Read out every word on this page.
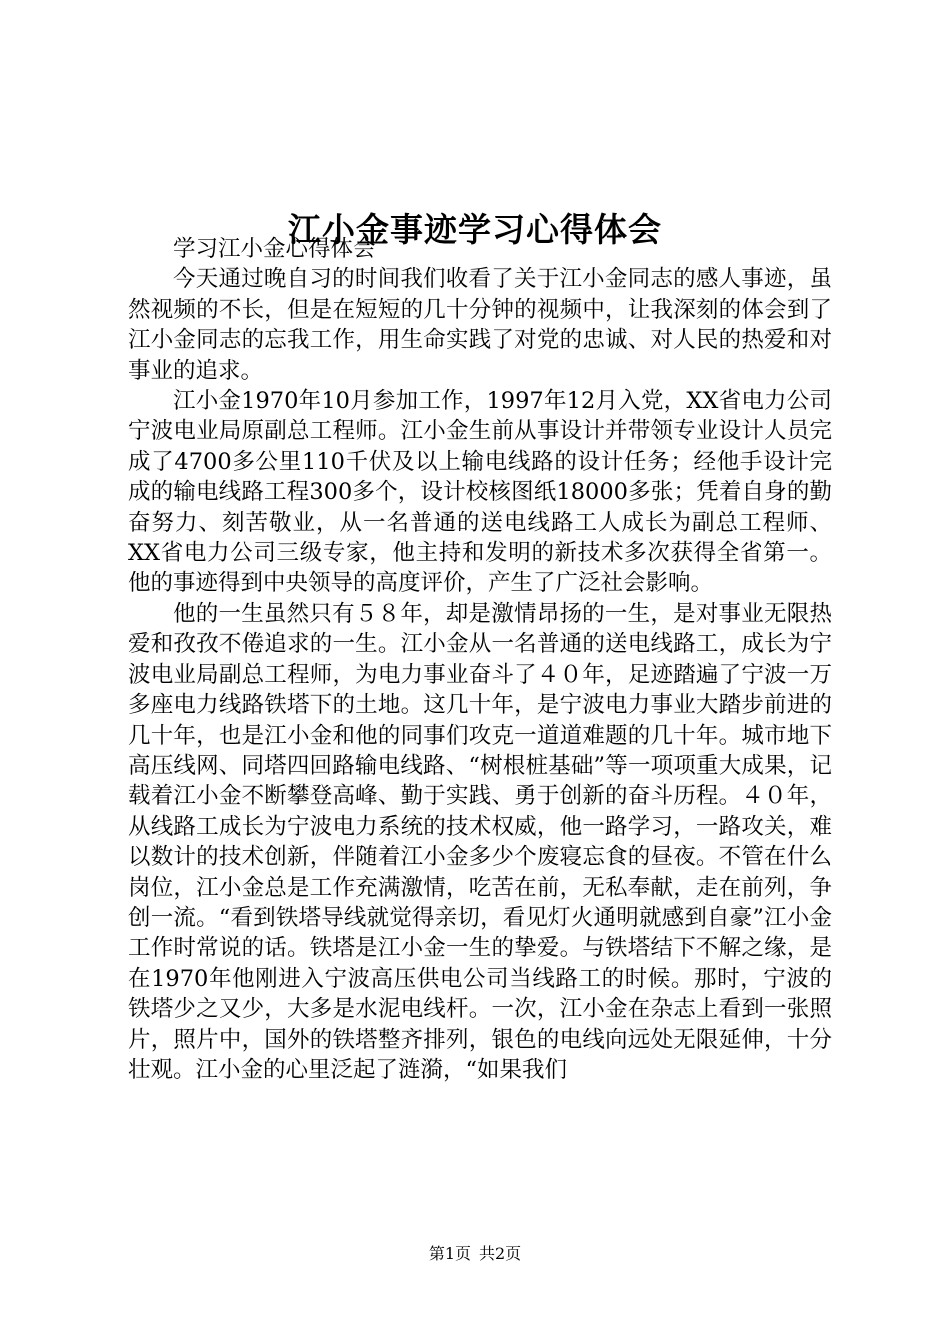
江小金事迹学习心得体会

学习江小金心得体会

今天通过晚自习的时间我们收看了关于江小金同志的感人事迹，虽然视频的不长，但是在短短的几十分钟的视频中，让我深刻的体会到了江小金同志的忘我工作，用生命实践了对党的忠诚、对人民的热爱和对事业的追求。

江小金1970年10月参加工作，1997年12月入党，XX省电力公司宁波电业局原副总工程师。江小金生前从事设计并带领专业设计人员完成了4700多公里110千伏及以上输电线路的设计任务；经他手设计完成的输电线路工程300多个，设计校核图纸18000多张；凭着自身的勤奋努力、刻苦敬业，从一名普通的送电线路工人成长为副总工程师、XX省电力公司三级专家，他主持和发明的新技术多次获得全省第一。他的事迹得到中央领导的高度评价，产生了广泛社会影响。

他的一生虽然只有５８年，却是激情昂扬的一生，是对事业无限热爱和孜孜不倦追求的一生。江小金从一名普通的送电线路工，成长为宁波电业局副总工程师，为电力事业奋斗了４０年，足迹踏遍了宁波一万多座电力线路铁塔下的土地。这几十年，是宁波电力事业大踏步前进的几十年，也是江小金和他的同事们攻克一道道难题的几十年。城市地下高压线网、同塔四回路输电线路、“树根桩基础”等一项项重大成果，记载着江小金不断攀登高峰、勤于实践、勇于创新的奋斗历程。４０年，从线路工成长为宁波电力系统的技术权威，他一路学习，一路攻关，难以数计的技术创新，伴随着江小金多少个废寝忘食的昼夜。不管在什么岗位，江小金总是工作充满激情，吃苦在前，无私奉献，走在前列，争创一流。“看到铁塔导线就觉得亲切，看见灯火通明就感到自豪”江小金工作时常说的话。铁塔是江小金一生的挚爱。与铁塔结下不解之缘，是在1970年他刚进入宁波高压供电公司当线路工的时候。那时，宁波的铁塔少之又少，大多是水泥电线杆。一次，江小金在杂志上看到一张照片，照片中，国外的铁塔整齐排列，银色的电线向远处无限延伸，十分壮观。江小金的心里泛起了涟漪，“如果我们

第1页 共2页
